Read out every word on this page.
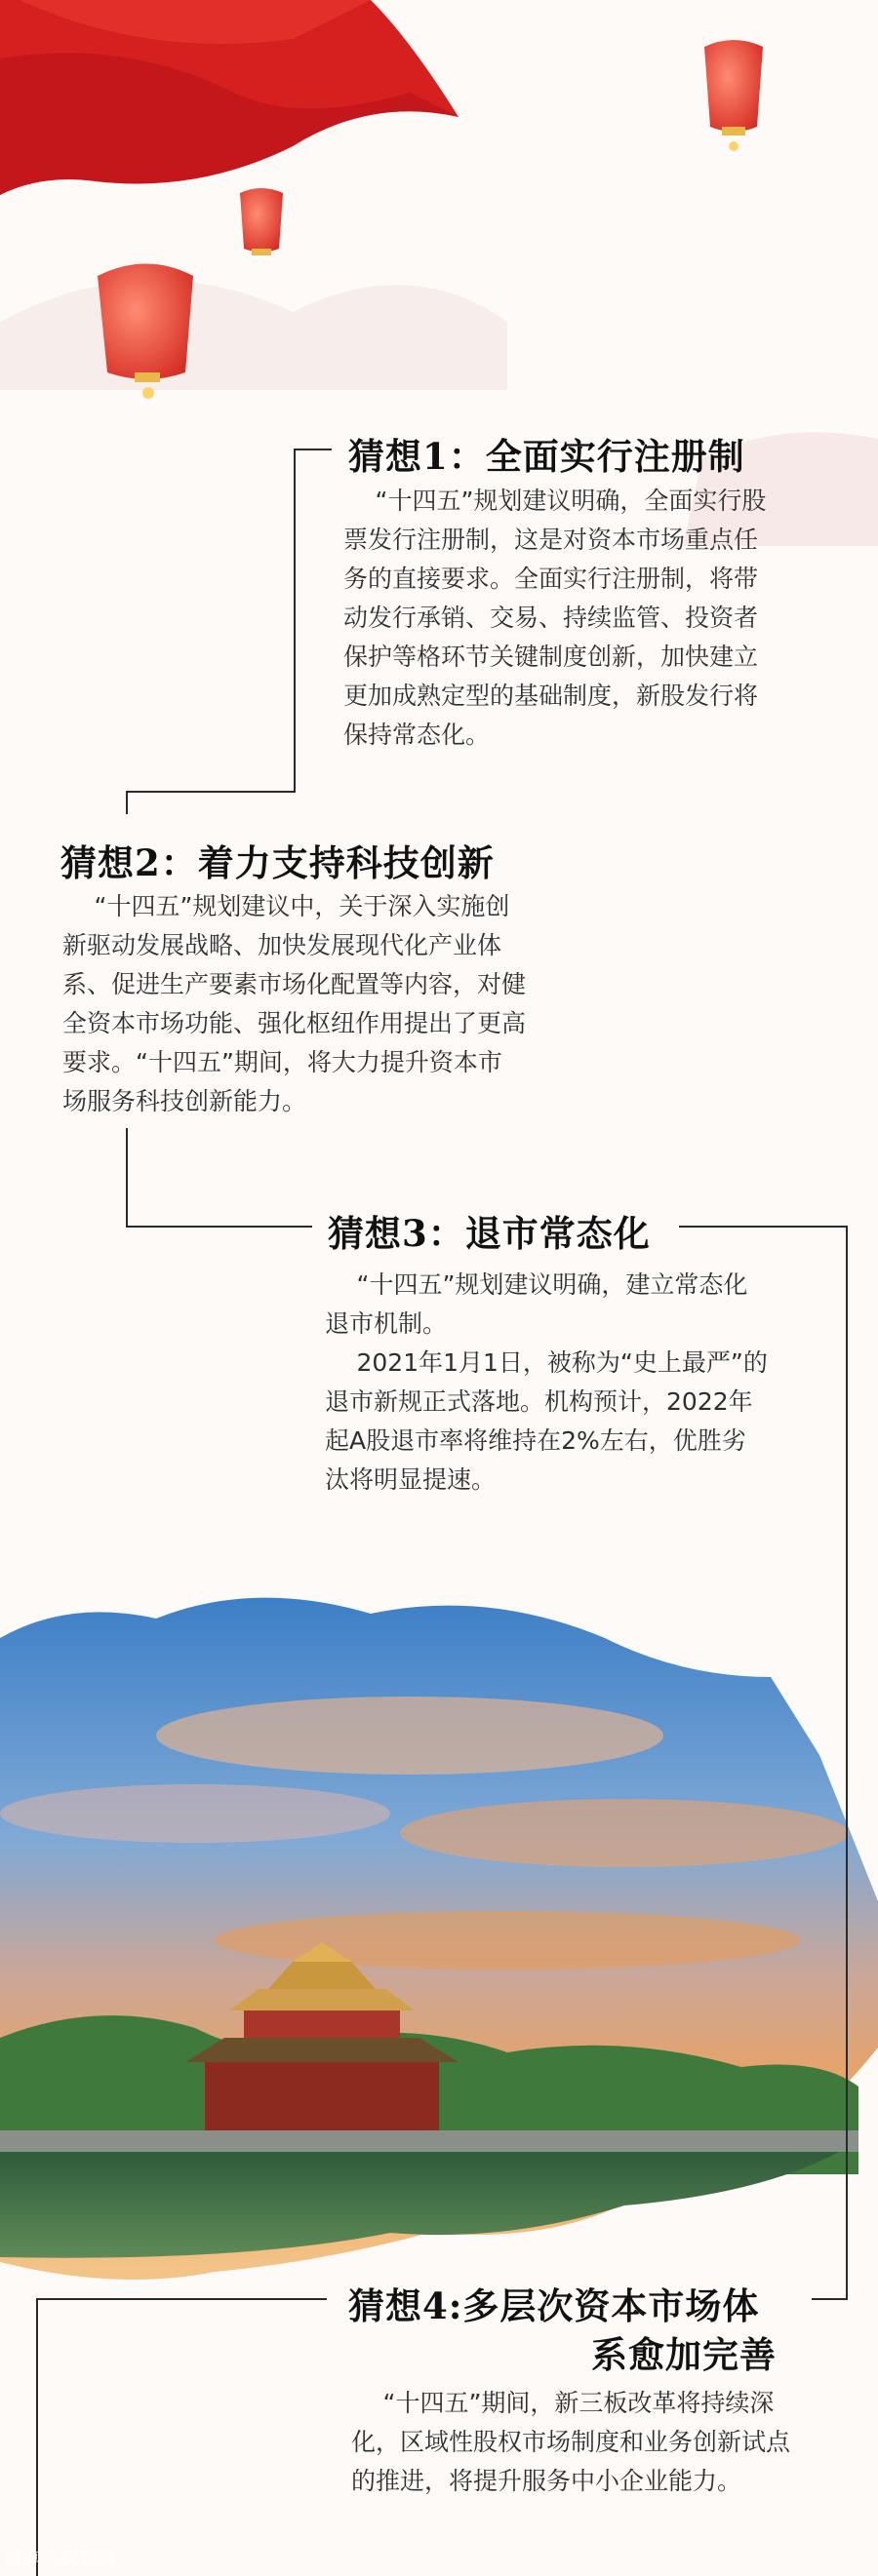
猜想1：全面实行注册制

“十四五”规划建议明确，全面实行股票发行注册制，这是对资本市场重点任务的直接要求。全面实行注册制，将带动发行承销、交易、持续监管、投资者保护等格环节关键制度创新，加快建立更加成熟定型的基础制度，新股发行将保持常态化。

猜想2：着力支持科技创新

“十四五”规划建议中，关于深入实施创新驱动发展战略、加快发展现代化产业体系、促进生产要素市场化配置等内容，对健全资本市场功能、强化枢纽作用提出了更高要求。“十四五”期间，将大力提升资本市场服务科技创新能力。

猜想3：退市常态化

“十四五”规划建议明确，建立常态化退市机制。

2021年1月1日，被称为“史上最严”的退市新规正式落地。机构预计，2022年起A股退市率将维持在2%左右，优胜劣汰将明显提速。

猜想4:多层次资本市场体
系愈加完善

“十四五”期间，新三板改革将持续深化，区域性股权市场制度和业务创新试点的推进，将提升服务中小企业能力。

微博 人民视频
